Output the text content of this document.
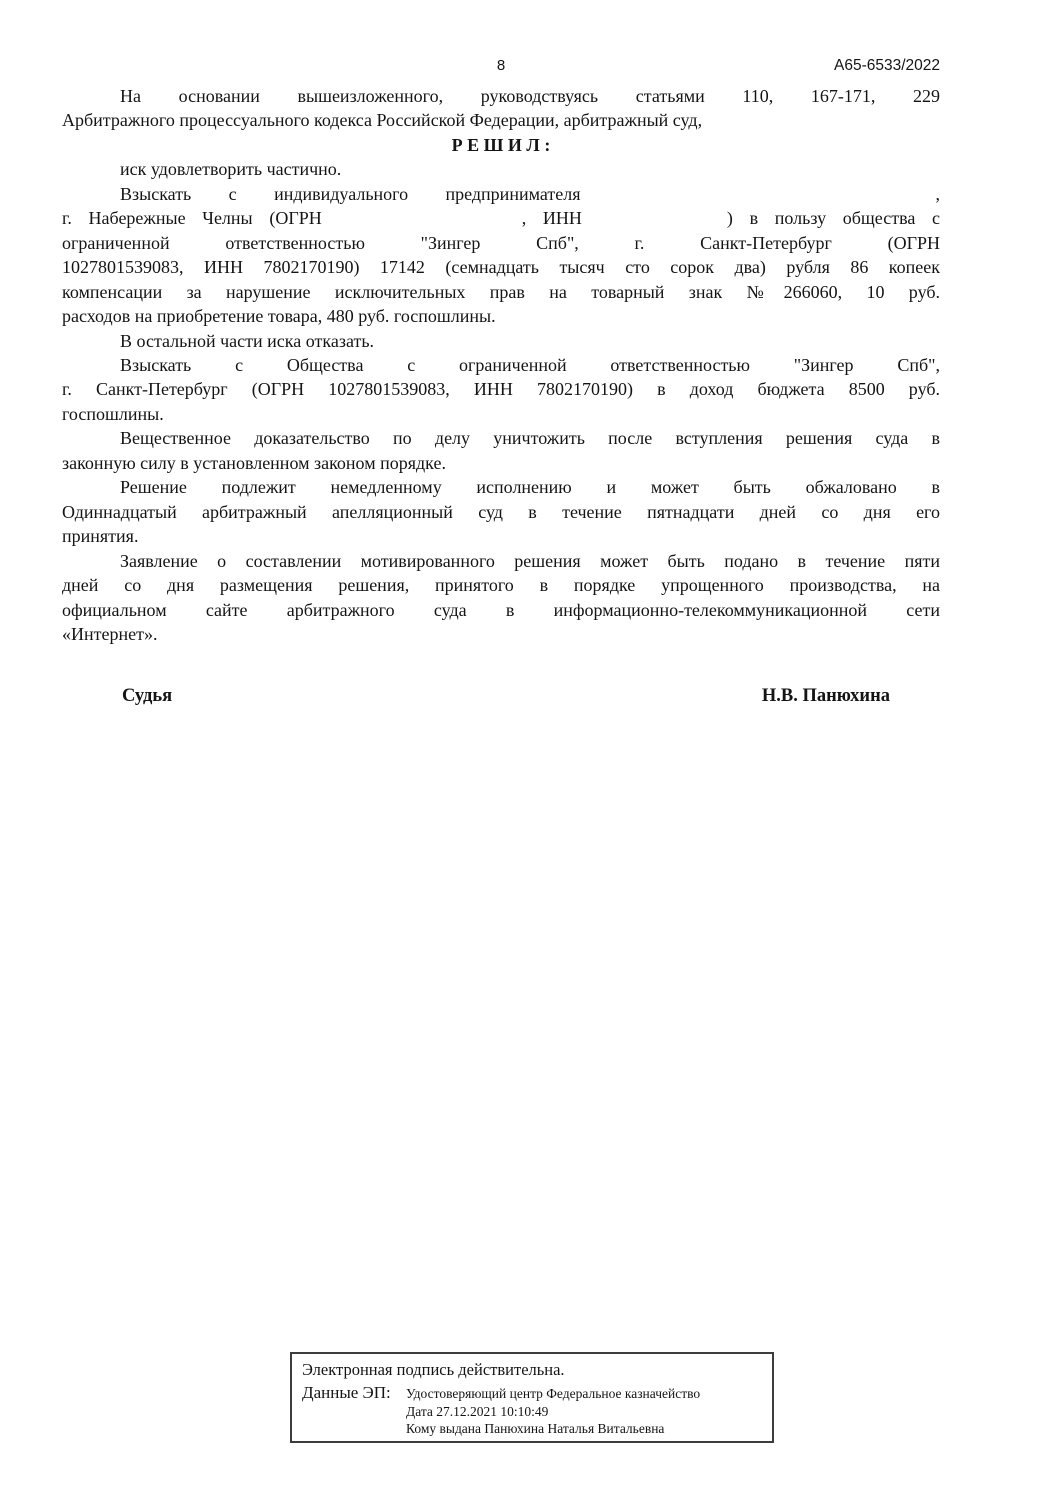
8	А65-6533/2022
На основании вышеизложенного, руководствуясь статьями 110, 167-171, 229
Арбитражного процессуального кодекса Российской Федерации, арбитражный суд,
Р Е Ш И Л :
иск удовлетворить частично.
Взыскать с индивидуального предпринимателя	,
г. Набережные Челны (ОГРН	, ИНН	) в пользу общества с
ограниченной ответственностью "Зингер Спб", г. Санкт-Петербург (ОГРН
1027801539083, ИНН 7802170190) 17142 (семнадцать тысяч сто сорок два) рубля 86 копеек
компенсации за нарушение исключительных прав на товарный знак №266060, 10 руб.
расходов на приобретение товара, 480 руб. госпошлины.
В остальной части иска отказать.
Взыскать с Общества с ограниченной ответственностью "Зингер Спб",
г. Санкт-Петербург (ОГРН 1027801539083, ИНН 7802170190) в доход бюджета 8500 руб.
госпошлины.
Вещественное доказательство по делу уничтожить после вступления решения суда в
законную силу в установленном законом порядке.
Решение подлежит немедленному исполнению и может быть обжаловано в
Одиннадцатый арбитражный апелляционный суд в течение пятнадцати дней со дня его
принятия.
Заявление о составлении мотивированного решения может быть подано в течение пяти
дней со дня размещения решения, принятого в порядке упрощенного производства, на
официальном сайте арбитражного суда в информационно-телекоммуникационной сети
«Интернет».
Судья	Н.В. Панюхина
Электронная подпись действительна.
Данные ЭП:	Удостоверяющий центр Федеральное казначейство
Дата 27.12.2021 10:10:49
Кому выдана Панюхина Наталья Витальевна
